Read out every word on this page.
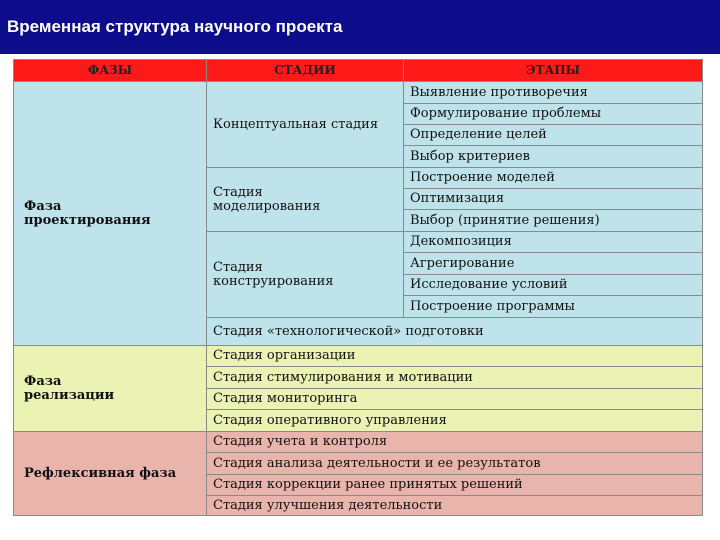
Временная структура научного проекта
ФАЗЫ	СТАДИИ	ЭТАПЫ
Фаза
проектирования
Концептуальная стадия
Стадия
моделирования
Стадия
конструирования
Выявление противоречия
Формулирование проблемы
Определение целей
Выбор критериев
Построение моделей
Оптимизация
Выбор (принятие решения)
Декомпозиция
Агрегирование
Исследование условий
Построение программы
Стадия «технологической» подготовки
Фаза
реализации
Стадия организации
Стадия стимулирования и мотивации
Стадия мониторинга
Стадия оперативного управления
Рефлексивная фаза
Стадия учета и контроля
Стадия анализа деятельности и ее результатов
Стадия коррекции ранее принятых решений
Стадия улучшения деятельности
